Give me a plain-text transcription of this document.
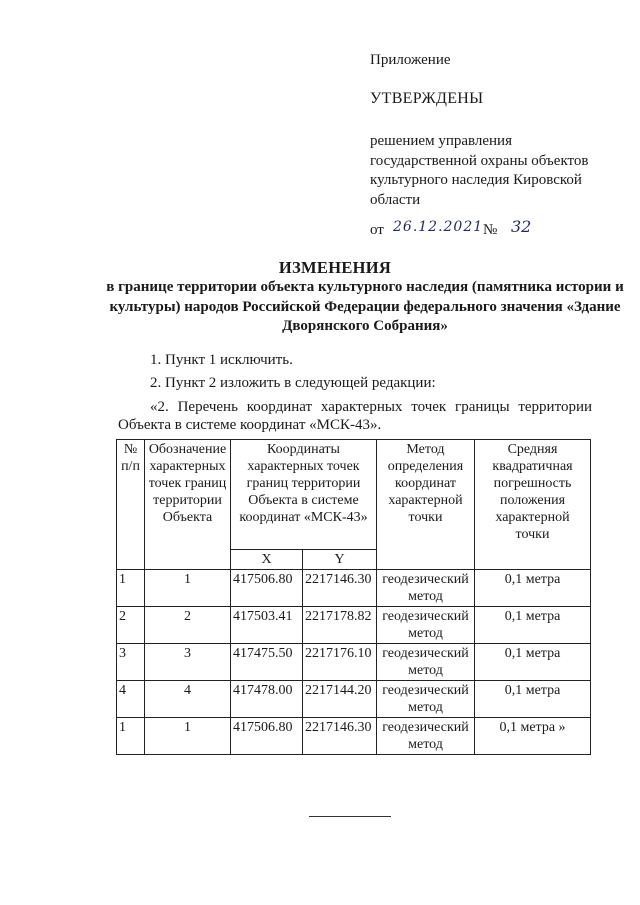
Приложение
УТВЕРЖДЕНЫ
решением управления государственной охраны объектов культурного наследия Кировской области
от 26.12.2021 № 32
ИЗМЕНЕНИЯ
в границе территории объекта культурного наследия (памятника истории и культуры) народов Российской Федерации федерального значения «Здание Дворянского Собрания»
1. Пункт 1 исключить.
2. Пункт 2 изложить в следующей редакции:
«2. Перечень координат характерных точек границы территории
Объекта в системе координат «МСК-43».
№ п/п	Обозначение характерных точек границ территории Объекта	Координаты характерных точек границ территории Объекта в системе координат «МСК-43»		Метод определения координат характерной точки	Средняя квадратичная погрешность положения характерной точки
		X	Y		
1	1	417506.80	2217146.30	геодезический метод	0,1 метра
2	2	417503.41	2217178.82	геодезический метод	0,1 метра
3	3	417475.50	2217176.10	геодезический метод	0,1 метра
4	4	417478.00	2217144.20	геодезический метод	0,1 метра
1	1	417506.80	2217146.30	геодезический метод	0,1 метра »
